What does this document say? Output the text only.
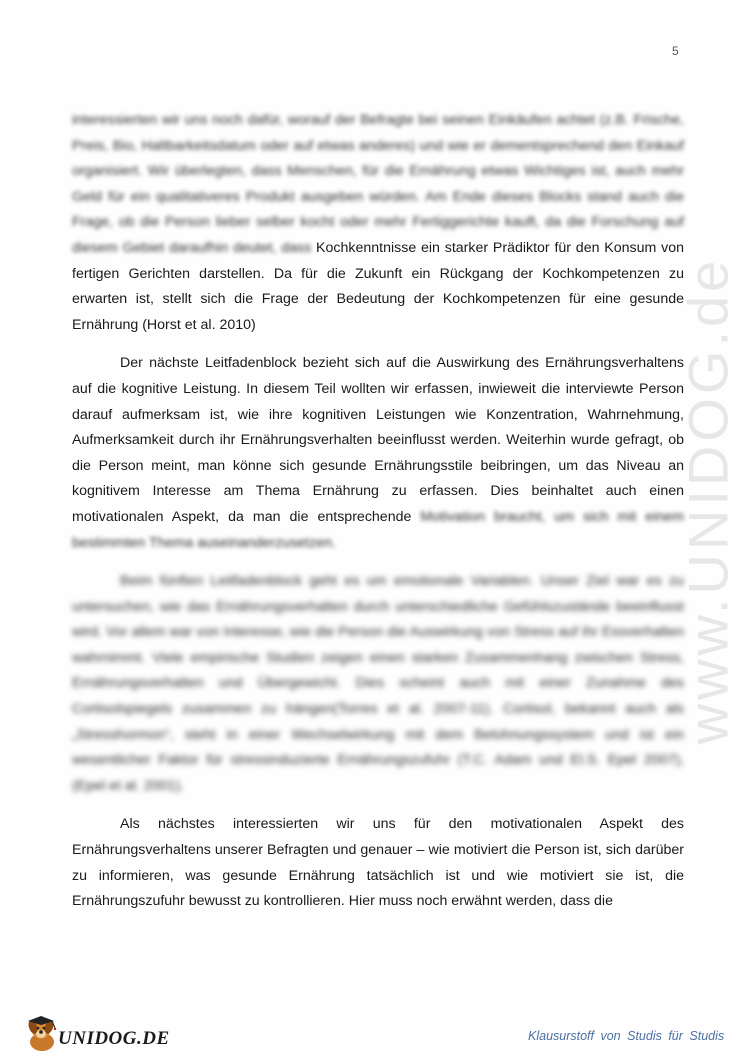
5
www.UNIDOG.de

interessierten wir uns noch dafür, worauf der Befragte bei seinen Einkäufen achtet (z.B. Frische, Preis, Bio, Haltbarkeitsdatum oder auf etwas anderes) und wie er dementsprechend den Einkauf organisiert. Wir überlegten, dass Menschen, für die Ernährung etwas Wichtiges ist, auch mehr Geld für ein qualitativeres Produkt ausgeben würden. Am Ende dieses Blocks stand auch die Frage, ob die Person lieber selber kocht oder mehr Fertiggerichte kauft, da die Forschung auf diesem Gebiet daraufhin deutet, dass Kochkenntnisse ein starker Prädiktor für den Konsum von fertigen Gerichten darstellen. Da für die Zukunft ein Rückgang der Kochkompetenzen zu erwarten ist, stellt sich die Frage der Bedeutung der Kochkompetenzen für eine gesunde Ernährung (Horst et al. 2010)

Der nächste Leitfadenblock bezieht sich auf die Auswirkung des Ernährungsverhaltens auf die kognitive Leistung. In diesem Teil wollten wir erfassen, inwieweit die interviewte Person darauf aufmerksam ist, wie ihre kognitiven Leistungen wie Konzentration, Wahrnehmung, Aufmerksamkeit durch ihr Ernährungsverhalten beeinflusst werden. Weiterhin wurde gefragt, ob die Person meint, man könne sich gesunde Ernährungsstile beibringen, um das Niveau an kognitivem Interesse am Thema Ernährung zu erfassen. Dies beinhaltet auch einen motivationalen Aspekt, da man die entsprechende Motivation braucht, um sich mit einem bestimmten Thema auseinanderzusetzen.

Beim fünften Leitfadenblock geht es um emotionale Variablen. Unser Ziel war es zu untersuchen, wie das Ernährungsverhalten durch unterschiedliche Gefühlszustände beeinflusst wird. Vor allem war von Interesse, wie die Person die Auswirkung von Stress auf ihr Essverhalten wahrnimmt. Viele empirische Studien zeigen einen starken Zusammenhang zwischen Stress, Ernährungsverhalten und Übergewicht. Dies scheint auch mit einer Zunahme des Cortisolspiegels zusammen zu hängen(Torres et al. 2007-11). Cortisol, bekannt auch als „Stresshormon“, steht in einer Wechselwirkung mit dem Belohnungssystem und ist ein wesentlicher Faktor für stressinduzierte Ernährungszufuhr (T.C. Adam und El.S. Epel 2007), (Epel et al. 2001).

Als nächstes interessierten wir uns für den motivationalen Aspekt des Ernährungsverhaltens unserer Befragten und genauer – wie motiviert die Person ist, sich darüber zu informieren, was gesunde Ernährung tatsächlich ist und wie motiviert sie ist, die Ernährungszufuhr bewusst zu kontrollieren. Hier muss noch erwähnt werden, dass die

UNIDOG.DE	Klausurstoff von Studis für Studis
